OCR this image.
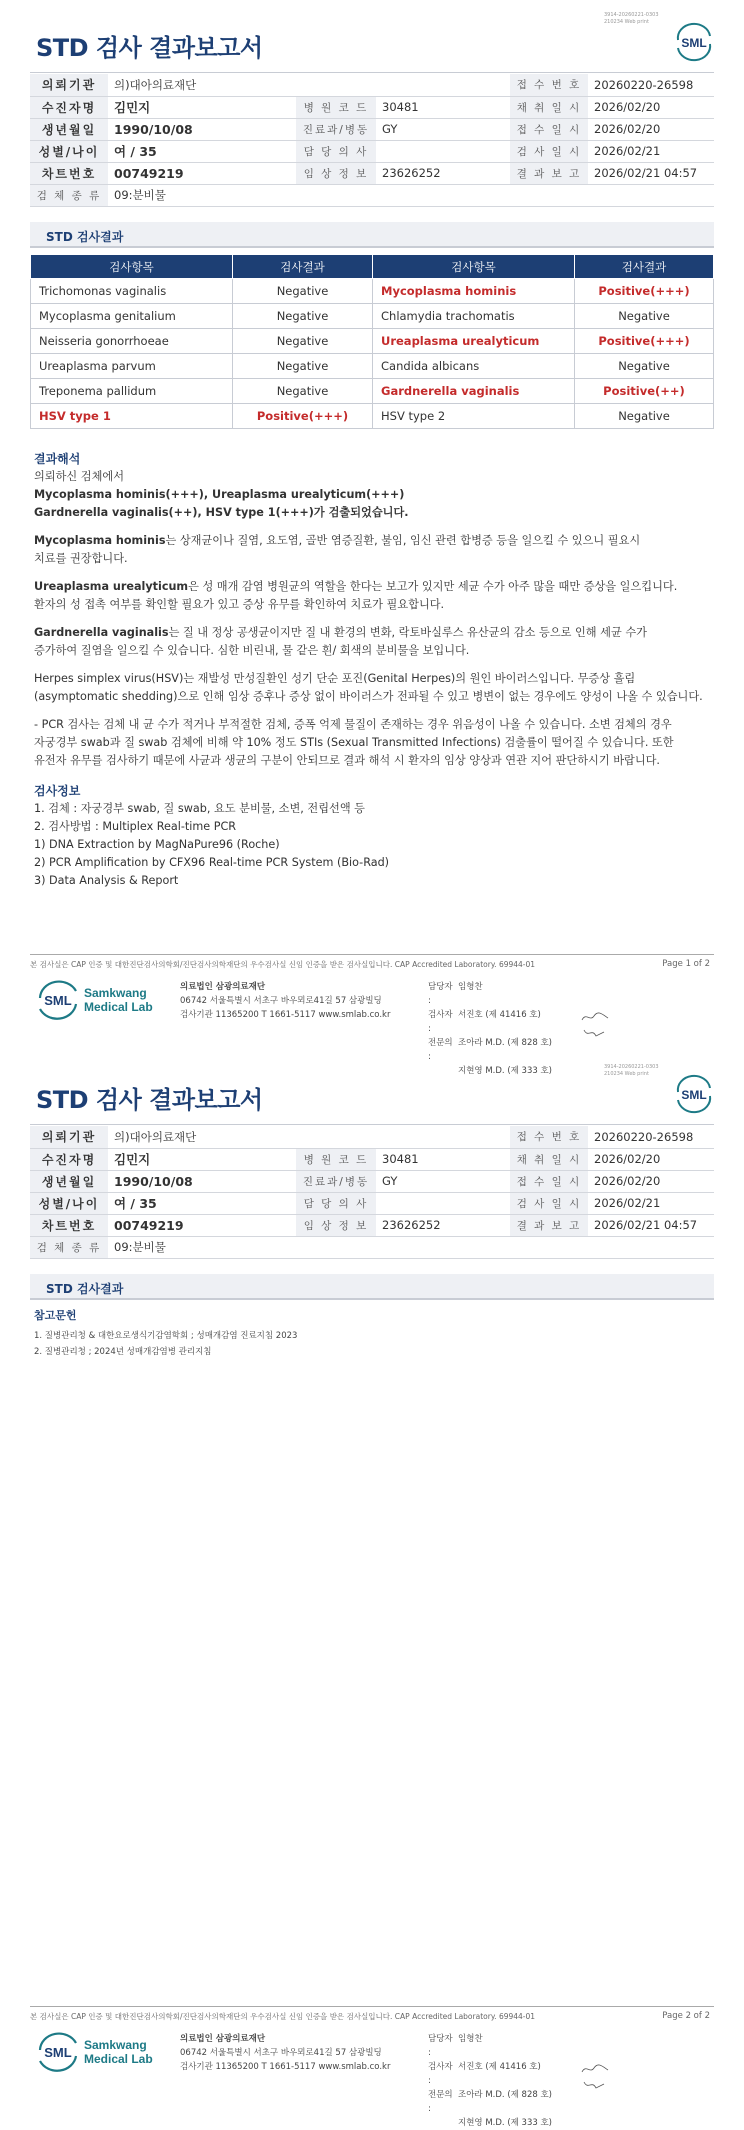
3914-20260221-0303
210234 Web print
STD 검사 결과보고서	SML
의뢰기관	의)대아의료재단			접 수 번 호	20260220-26598
수진자명	김민지	병 원 코 드	30481	채 취 일 시	2026/02/20
생년월일	1990/10/08	진료과/병동	GY	접 수 일 시	2026/02/20
성별/나이	여 / 35	담 당 의 사		검 사 일 시	2026/02/21
차트번호	00749219	임 상 정 보	23626252	결 과 보 고	2026/02/21 04:57
검 체 종 류	09:분비물				
STD 검사결과
검사항목	검사결과	검사항목	검사결과
Trichomonas vaginalis	Negative	Mycoplasma hominis	Positive(+++)
Mycoplasma genitalium	Negative	Chlamydia trachomatis	Negative
Neisseria gonorrhoeae	Negative	Ureaplasma urealyticum	Positive(+++)
Ureaplasma parvum	Negative	Candida albicans	Negative
Treponema pallidum	Negative	Gardnerella vaginalis	Positive(++)
HSV type 1	Positive(+++)	HSV type 2	Negative
결과해석
의뢰하신 검체에서
Mycoplasma hominis(+++), Ureaplasma urealyticum(+++)
Gardnerella vaginalis(++), HSV type 1(+++)가 검출되었습니다.
Mycoplasma hominis는 상재균이나 질염, 요도염, 골반 염증질환, 불임, 임신 관련 합병증 등을 일으킬 수 있으니 필요시
치료를 권장합니다.
Ureaplasma urealyticum은 성 매개 감염 병원균의 역할을 한다는 보고가 있지만 세균 수가 아주 많을 때만 증상을 일으킵니다.
환자의 성 접촉 여부를 확인할 필요가 있고 증상 유무를 확인하여 치료가 필요합니다.
Gardnerella vaginalis는 질 내 정상 공생균이지만 질 내 환경의 변화, 락토바실루스 유산균의 감소 등으로 인해 세균 수가
증가하여 질염을 일으킬 수 있습니다. 심한 비린내, 물 같은 흰/ 회색의 분비물을 보입니다.
Herpes simplex virus(HSV)는 재발성 만성질환인 성기 단순 포진(Genital Herpes)의 원인 바이러스입니다. 무증상 흘림
(asymptomatic shedding)으로 인해 임상 증후나 증상 없이 바이러스가 전파될 수 있고 병변이 없는 경우에도 양성이 나올 수 있습니다.
- PCR 검사는 검체 내 균 수가 적거나 부적절한 검체, 증폭 억제 물질이 존재하는 경우 위음성이 나올 수 있습니다. 소변 검체의 경우
자궁경부 swab과 질 swab 검체에 비해 약 10% 정도 STIs (Sexual Transmitted Infections) 검출률이 떨어질 수 있습니다. 또한
유전자 유무를 검사하기 때문에 사균과 생균의 구분이 안되므로 결과 해석 시 환자의 임상 양상과 연관 지어 판단하시기 바랍니다.
검사정보
1. 검체 : 자궁경부 swab, 질 swab, 요도 분비물, 소변, 전립선액 등
2. 검사방법 : Multiplex Real-time PCR
1) DNA Extraction by MagNaPure96 (Roche)
2) PCR Amplification by CFX96 Real-time PCR System (Bio-Rad)
3) Data Analysis & Report
본 검사실은 CAP 인증 및 대한진단검사의학회/진단검사의학재단의 우수검사실 신임 인증을 받은 검사실입니다. CAP Accredited Laboratory. 69944-01	Page 1 of 2
SML Samkwang
Medical Lab
의료법인 삼광의료재단
06742 서울특별시 서초구 바우뫼로41길 57 삼광빌딩
검사기관 11365200 T 1661-5117 www.smlab.co.kr
담당자 :
임형찬
검사자 :
서진호 (제 41416 호)
전문의 :
조아라 M.D. (제 828 호)
지현영 M.D. (제 333 호)	3914-20260221-0303
210234 Web print
STD 검사 결과보고서	SML
의뢰기관	의)대아의료재단			접 수 번 호	20260220-26598
수진자명	김민지	병 원 코 드	30481	채 취 일 시	2026/02/20
생년월일	1990/10/08	진료과/병동	GY	접 수 일 시	2026/02/20
성별/나이	여 / 35	담 당 의 사		검 사 일 시	2026/02/21
차트번호	00749219	임 상 정 보	23626252	결 과 보 고	2026/02/21 04:57
검 체 종 류	09:분비물				
STD 검사결과
참고문헌
1. 질병관리청 & 대한요로생식기감염학회 ; 성매개감염 진료지침 2023
2. 질병관리청 ; 2024년 성매개감염병 관리지침
본 검사실은 CAP 인증 및 대한진단검사의학회/진단검사의학재단의 우수검사실 신임 인증을 받은 검사실입니다. CAP Accredited Laboratory. 69944-01	Page 2 of 2
SML Samkwang
Medical Lab
의료법인 삼광의료재단
06742 서울특별시 서초구 바우뫼로41길 57 삼광빌딩
검사기관 11365200 T 1661-5117 www.smlab.co.kr
담당자 :
임형찬
검사자 :
서진호 (제 41416 호)
전문의 :
조아라 M.D. (제 828 호)
지현영 M.D. (제 333 호)
